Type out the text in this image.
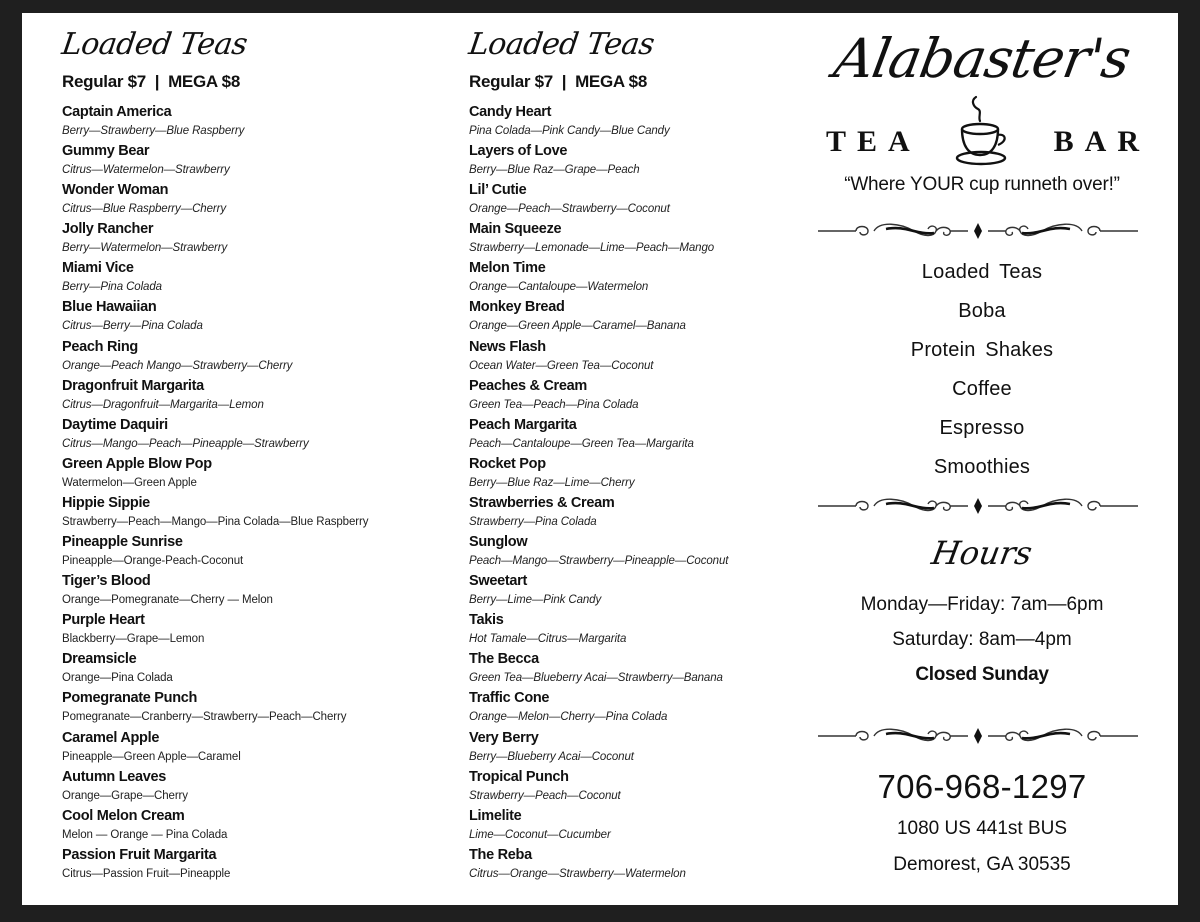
Loaded Teas
Regular $7  |  MEGA $8
Captain America
Berry—Strawberry—Blue Raspberry
Gummy Bear
Citrus—Watermelon—Strawberry
Wonder Woman
Citrus—Blue Raspberry—Cherry
Jolly Rancher
Berry—Watermelon—Strawberry
Miami Vice
Berry—Pina Colada
Blue Hawaiian
Citrus—Berry—Pina Colada
Peach Ring
Orange—Peach Mango—Strawberry—Cherry
Dragonfruit Margarita
Citrus—Dragonfruit—Margarita—Lemon
Daytime Daquiri
Citrus—Mango—Peach—Pineapple—Strawberry
Green Apple Blow Pop
Watermelon—Green Apple
Hippie Sippie
Strawberry—Peach—Mango—Pina Colada—Blue Raspberry
Pineapple Sunrise
Pineapple—Orange-Peach-Coconut
Tiger’s Blood
Orange—Pomegranate—Cherry — Melon
Purple Heart
Blackberry—Grape—Lemon
Dreamsicle
Orange—Pina Colada
Pomegranate Punch
Pomegranate—Cranberry—Strawberry—Peach—Cherry
Caramel Apple
Pineapple—Green Apple—Caramel
Autumn Leaves
Orange—Grape—Cherry
Cool Melon Cream
Melon — Orange — Pina Colada
Passion Fruit Margarita
Citrus—Passion Fruit—Pineapple
Loaded Teas
Regular $7  |  MEGA $8
Candy Heart
Pina Colada—Pink Candy—Blue Candy
Layers of Love
Berry—Blue Raz—Grape—Peach
Lil’ Cutie
Orange—Peach—Strawberry—Coconut
Main Squeeze
Strawberry—Lemonade—Lime—Peach—Mango
Melon Time
Orange—Cantaloupe—Watermelon
Monkey Bread
Orange—Green Apple—Caramel—Banana
News Flash
Ocean Water—Green Tea—Coconut
Peaches & Cream
Green Tea—Peach—Pina Colada
Peach Margarita
Peach—Cantaloupe—Green Tea—Margarita
Rocket Pop
Berry—Blue Raz—Lime—Cherry
Strawberries & Cream
Strawberry—Pina Colada
Sunglow
Peach—Mango—Strawberry—Pineapple—Coconut
Sweetart
Berry—Lime—Pink Candy
Takis
Hot Tamale—Citrus—Margarita
The Becca
Green Tea—Blueberry Acai—Strawberry—Banana
Traffic Cone
Orange—Melon—Cherry—Pina Colada
Very Berry
Berry—Blueberry Acai—Coconut
Tropical Punch
Strawberry—Peach—Coconut
Limelite
Lime—Coconut—Cucumber
The Reba
Citrus—Orange—Strawberry—Watermelon
Alabaster's
TEA	BAR
“Where YOUR cup runneth over!”
Loaded Teas
Boba
Protein Shakes
Coffee
Espresso
Smoothies
Hours
Monday—Friday: 7am—6pm
Saturday: 8am—4pm
Closed Sunday
706-968-1297
1080 US 441st BUS
Demorest, GA 30535
